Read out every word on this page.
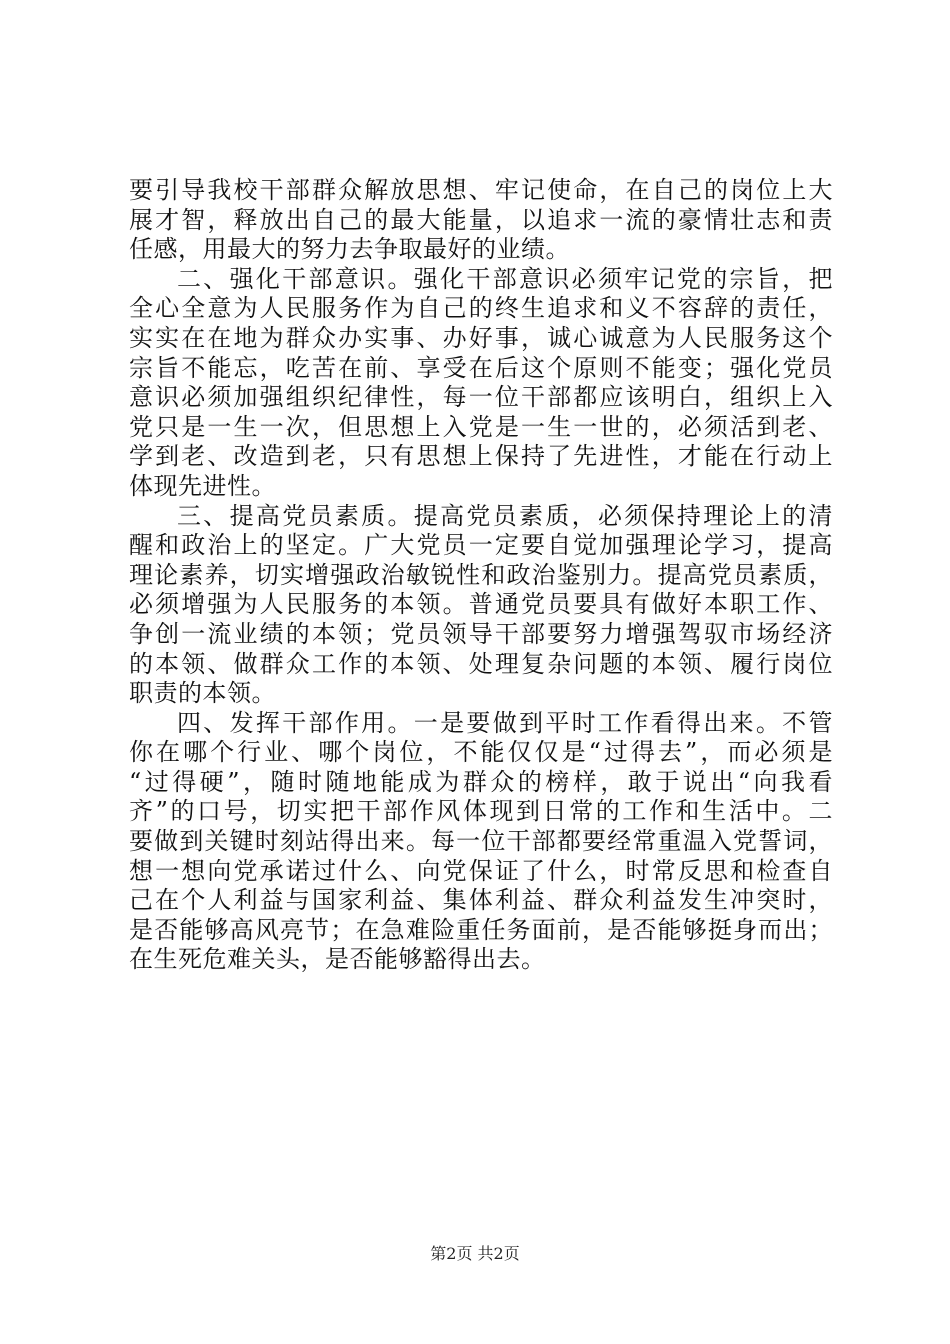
要引导我校干部群众解放思想、牢记使命，在自己的岗位上大
展才智，释放出自己的最大能量，以追求一流的豪情壮志和责
任感，用最大的努力去争取最好的业绩。
二、强化干部意识。强化干部意识必须牢记党的宗旨，把
全心全意为人民服务作为自己的终生追求和义不容辞的责任，
实实在在地为群众办实事、办好事，诚心诚意为人民服务这个
宗旨不能忘，吃苦在前、享受在后这个原则不能变；强化党员
意识必须加强组织纪律性，每一位干部都应该明白，组织上入
党只是一生一次，但思想上入党是一生一世的，必须活到老、
学到老、改造到老，只有思想上保持了先进性，才能在行动上
体现先进性。
三、提高党员素质。提高党员素质，必须保持理论上的清
醒和政治上的坚定。广大党员一定要自觉加强理论学习，提高
理论素养，切实增强政治敏锐性和政治鉴别力。提高党员素质，
必须增强为人民服务的本领。普通党员要具有做好本职工作、
争创一流业绩的本领；党员领导干部要努力增强驾驭市场经济
的本领、做群众工作的本领、处理复杂问题的本领、履行岗位
职责的本领。
四、发挥干部作用。一是要做到平时工作看得出来。不管
你在哪个行业、哪个岗位，不能仅仅是“过得去”，而必须是
“过得硬”，随时随地能成为群众的榜样，敢于说出“向我看
齐”的口号，切实把干部作风体现到日常的工作和生活中。二
要做到关键时刻站得出来。每一位干部都要经常重温入党誓词，
想一想向党承诺过什么、向党保证了什么，时常反思和检查自
己在个人利益与国家利益、集体利益、群众利益发生冲突时，
是否能够高风亮节；在急难险重任务面前，是否能够挺身而出；
在生死危难关头，是否能够豁得出去。
第2页 共2页
